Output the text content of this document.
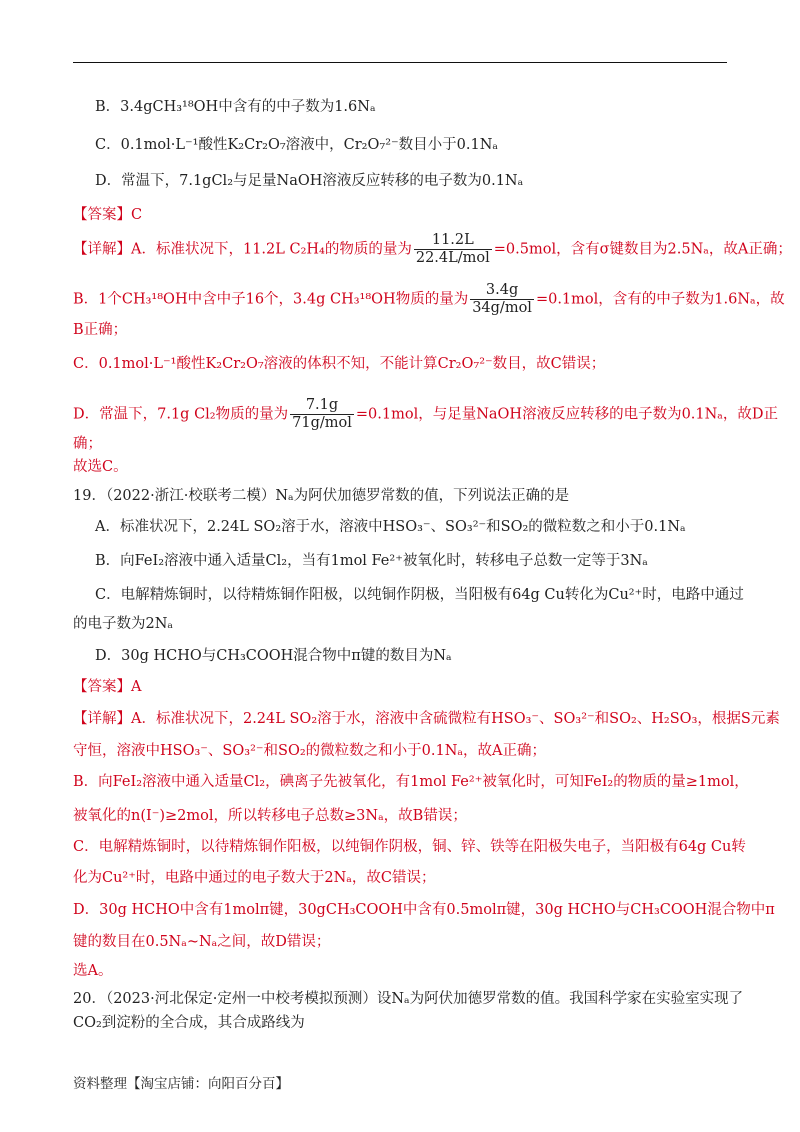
B．3.4gCH₃¹⁸OH中含有的中子数为1.6Nₐ
C．0.1mol·L⁻¹酸性K₂Cr₂O₇溶液中，Cr₂O₇²⁻数目小于0.1Nₐ
D．常温下，7.1gCl₂与足量NaOH溶液反应转移的电子数为0.1Nₐ
【答案】C
【详解】A．标准状况下，11.2L C₂H₄的物质的量为 $\frac{11.2L}{\text{22.4L/mol}} =0.5mol$，含有σ键数目为2.5Nₐ，故A正确；
B．1个CH₃¹⁸OH中含中子16个，3.4g CH₃¹⁸OH物质的量为 $\frac{3.4g}{\text{34g/mol}} =0.1mol$，含有的中子数为1.6Nₐ，故
B正确；
C．0.1mol·L⁻¹酸性K₂Cr₂O₇溶液的体积不知，不能计算Cr₂O₇²⁻数目，故C错误；
D．常温下，7.1g Cl₂物质的量为 $\frac{7.1g}{\text{71g/mol}} =0.1mol$，与足量NaOH溶液反应转移的电子数为0.1Nₐ，故D正
确；
故选C。
19．（2022·浙江·校联考二模）Nₐ为阿伏加德罗常数的值，下列说法正确的是
A．标准状况下，2.24L SO₂溶于水，溶液中HSO₃⁻、SO₃²⁻和SO₂的微粒数之和小于0.1Nₐ
B．向FeI₂溶液中通入适量Cl₂，当有1mol Fe²⁺被氧化时，转移电子总数一定等于3Nₐ
C．电解精炼铜时，以待精炼铜作阳极，以纯铜作阴极，当阳极有64g Cu转化为Cu²⁺时，电路中通过
的电子数为2Nₐ
D．30g HCHO与CH₃COOH混合物中π键的数目为Nₐ
【答案】A
【详解】A．标准状况下，2.24L SO₂溶于水，溶液中含硫微粒有HSO₃⁻、SO₃²⁻和SO₂、H₂SO₃，根据S元素
守恒，溶液中HSO₃⁻、SO₃²⁻和SO₂的微粒数之和小于0.1Nₐ，故A正确；
B．向FeI₂溶液中通入适量Cl₂，碘离子先被氧化，有1mol Fe²⁺被氧化时，可知FeI₂的物质的量≥1mol，
被氧化的n(I⁻)≥2mol，所以转移电子总数≥3Nₐ，故B错误；
C．电解精炼铜时，以待精炼铜作阳极，以纯铜作阴极，铜、锌、铁等在阳极失电子，当阳极有64g Cu转
化为Cu²⁺时，电路中通过的电子数大于2Nₐ，故C错误；
D．30g HCHO中含有1molπ键，30gCH₃COOH中含有0.5molπ键，30g HCHO与CH₃COOH混合物中π
键的数目在0.5Nₐ~Nₐ之间，故D错误；
选A。
20．（2023·河北保定·定州一中校考模拟预测）设Nₐ为阿伏加德罗常数的值。我国科学家在实验室实现了
CO₂到淀粉的全合成，其合成路线为
资料整理【淘宝店铺：向阳百分百】
